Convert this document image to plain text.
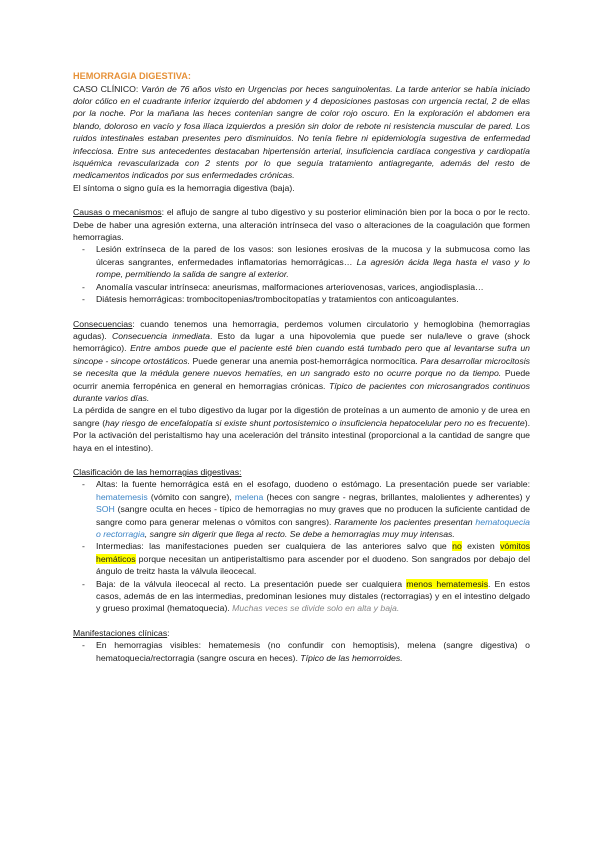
HEMORRAGIA DIGESTIVA:

CASO CLÍNICO: Varón de 76 años visto en Urgencias por heces sanguinolentas. La tarde anterior se había iniciado dolor cólico en el cuadrante inferior izquierdo del abdomen y 4 deposiciones pastosas con urgencia rectal, 2 de ellas por la noche. Por la mañana las heces contenían sangre de color rojo oscuro. En la exploración el abdomen era blando, doloroso en vacío y fosa ilíaca izquierdos a presión sin dolor de rebote ni resistencia muscular de pared. Los ruidos intestinales estaban presentes pero disminuidos. No tenía fiebre ni epidemiología sugestiva de enfermedad infecciosa. Entre sus antecedentes destacaban hipertensión arterial, insuficiencia cardíaca congestiva y cardiopatía isquémica revascularizada con 2 stents por lo que seguía tratamiento antiagregante, además del resto de medicamentos indicados por sus enfermedades crónicas.

El síntoma o signo guía es la hemorragia digestiva (baja).

Causas o mecanismos: el aflujo de sangre al tubo digestivo y su posterior eliminación bien por la boca o por le recto. Debe de haber una agresión externa, una alteración intrínseca del vaso o alteraciones de la coagulación que formen hemorragias.

- Lesión extrínseca de la pared de los vasos: son lesiones erosivas de la mucosa y la submucosa como las úlceras sangrantes, enfermedades inflamatorias hemorrágicas… La agresión ácida llega hasta el vaso y lo rompe, permitiendo la salida de sangre al exterior.
- Anomalía vascular intrínseca: aneurismas, malformaciones arteriovenosas, varices, angiodisplasia…
- Diátesis hemorrágicas: trombocitopenias/trombocitopatías y tratamientos con anticoagulantes.

Consecuencias: cuando tenemos una hemorragia, perdemos volumen circulatorio y hemoglobina (hemorragias agudas). Consecuencia inmediata. Esto da lugar a una hipovolemia que puede ser nula/leve o grave (shock hemorrágico). Entre ambos puede que el paciente esté bien cuando está tumbado pero que al levantarse sufra un sincope - sincope ortostáticos. Puede generar una anemia post-hemorrágica normocítica. Para desarrollar microcitosis se necesita que la médula genere nuevos hematíes, en un sangrado esto no ocurre porque no da tiempo. Puede ocurrir anemia ferropénica en general en hemorragias crónicas. Típico de pacientes con microsangrados continuos durante varios días.

La pérdida de sangre en el tubo digestivo da lugar por la digestión de proteínas a un aumento de amonio y de urea en sangre (hay riesgo de encefalopatía si existe shunt portosistemico o insuficiencia hepatocelular pero no es frecuente). Por la activación del peristaltismo hay una aceleración del tránsito intestinal (proporcional a la cantidad de sangre que haya en el intestino).

Clasificación de las hemorragias digestivas:

- Altas: la fuente hemorrágica está en el esofago, duodeno o estómago. La presentación puede ser variable: hematemesis (vómito con sangre), melena (heces con sangre - negras, brillantes, malolientes y adherentes) y SOH (sangre oculta en heces - típico de hemorragias no muy graves que no producen la suficiente cantidad de sangre como para generar melenas o vómitos con sangres). Raramente los pacientes presentan hematoquecia o rectorragia, sangre sin digerir que llega al recto. Se debe a hemorragias muy muy intensas.
- Intermedias: las manifestaciones pueden ser cualquiera de las anteriores salvo que no existen vómitos hemáticos porque necesitan un antiperistaltismo para ascender por el duodeno. Son sangrados por debajo del ángulo de treitz hasta la válvula ileocecal.
- Baja: de la válvula ileocecal al recto. La presentación puede ser cualquiera menos hematemesis. En estos casos, además de en las intermedias, predominan lesiones muy distales (rectorragias) y en el intestino delgado y grueso proximal (hematoquecia). Muchas veces se divide solo en alta y baja.

Manifestaciones clínicas:

- En hemorragias visibles: hematemesis (no confundir con hemoptisis), melena (sangre digestiva) o hematoquecia/rectorragia (sangre oscura en heces). Típico de las hemorroides.
